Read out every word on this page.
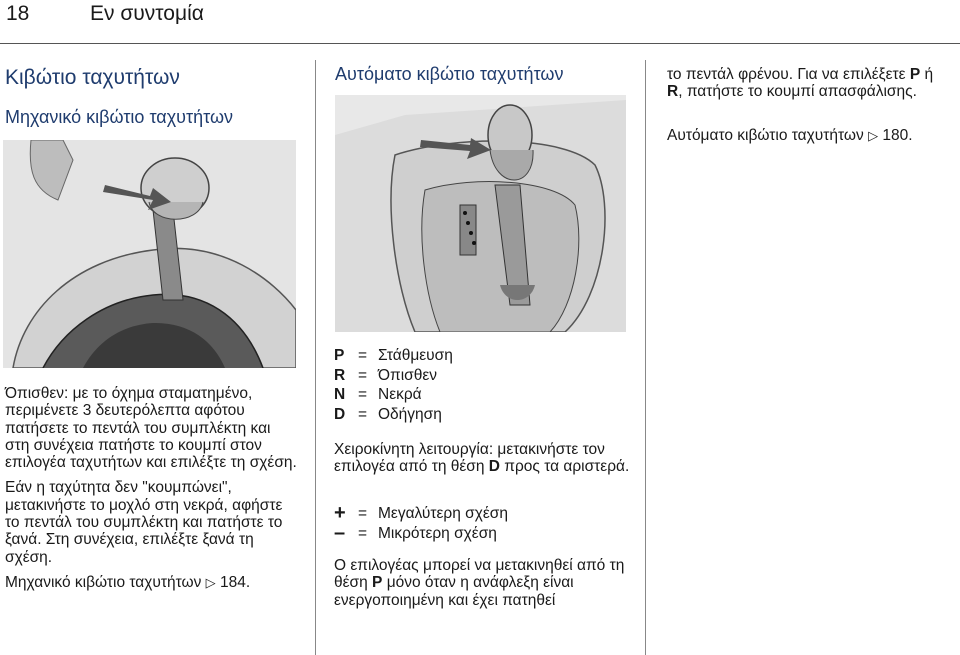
18	Εν συντομία
Κιβώτιο ταχυτήτων
Μηχανικό κιβώτιο ταχυτήτων

Όπισθεν: με το όχημα σταματημένο, περιμένετε 3 δευτερόλεπτα αφότου πατήσετε το πεντάλ του συμπλέκτη και στη συνέχεια πατήστε το κουμπί στον επιλογέα ταχυτήτων και επιλέξτε τη σχέση.

Εάν η ταχύτητα δεν "κουμπώνει", μετακινήστε το μοχλό στη νεκρά, αφήστε το πεντάλ του συμπλέκτη και πατήστε το ξανά. Στη συνέχεια, επιλέξτε ξανά τη σχέση.

Μηχανικό κιβώτιο ταχυτήτων ▷ 184.

Αυτόματο κιβώτιο ταχυτήτων
P = Στάθμευση
R = Όπισθεν
N = Νεκρά
D = Οδήγηση
Χειροκίνητη λειτουργία: μετακινήστε τον επιλογέα από τη θέση D προς τα αριστερά.
+ = Μεγαλύτερη σχέση
– = Μικρότερη σχέση
Ο επιλογέας μπορεί να μετακινηθεί από τη θέση P μόνο όταν η ανάφλεξη είναι ενεργοποιημένη και έχει πατηθεί
το πεντάλ φρένου. Για να επιλέξετε P ή R, πατήστε το κουμπί απασφάλισης.
Αυτόματο κιβώτιο ταχυτήτων ▷ 180.
